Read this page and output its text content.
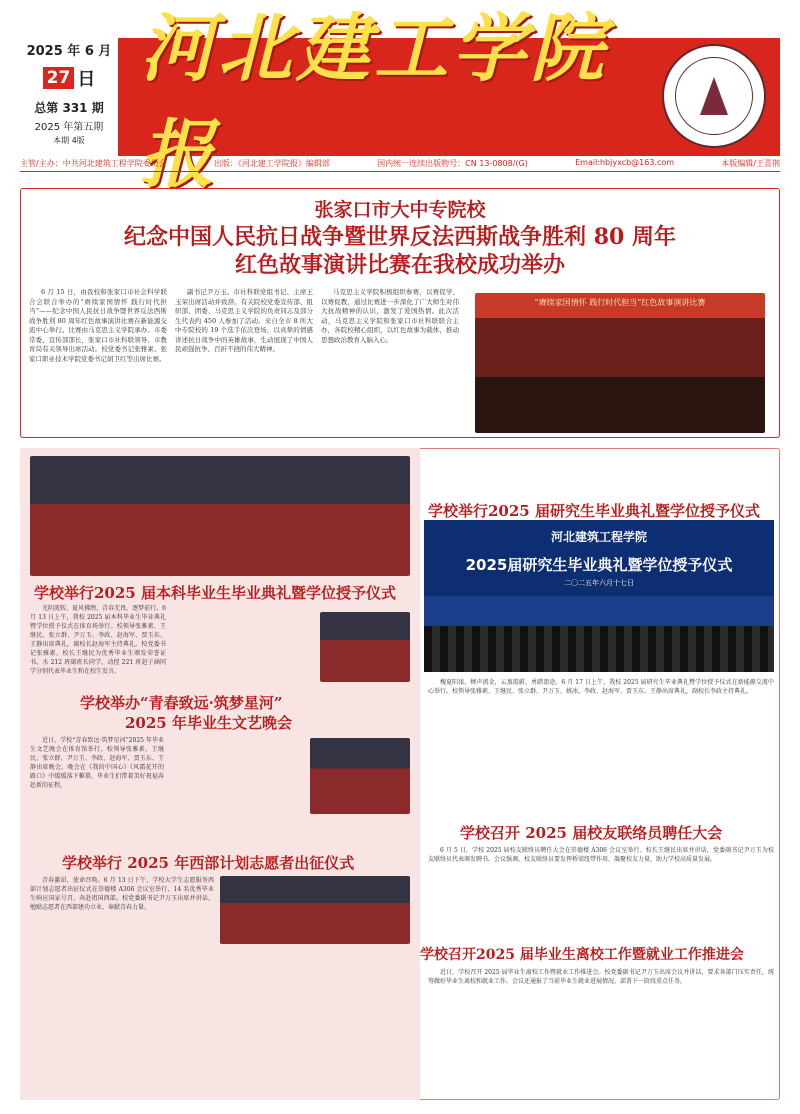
2025 年 6 月
27 日
总第 331 期
2025 年第五期
本期 4版
河北建工学院报
主管/主办：中共河北建筑工程学院委员会	出版：《河北建工学院报》编辑部	国内统一连续出版物号：CN 13-0808/(G)	Email:hbjyxcb@163.com	本版编辑/王喜荆
张家口市大中专院校
纪念中国人民抗日战争暨世界反法西斯战争胜利 80 周年
红色故事演讲比赛在我校成功举办
6 月 15 日，由我校和张家口市社会科学联合会联合举办的“赓续家国情怀 践行时代担当”——纪念中国人民抗日战争暨世界反法西斯战争胜利 80 周年红色故事演讲比赛在新能源交流中心举行。比赛由马克思主义学院承办。市委常委、宣传部部长，张家口市社科联领导、市教育局有关领导出席活动。校党委书记张雅素、张家口职业技术学院党委书记胡卫红等出席比赛。
副书记尹万玉、市社科联党组书记、主席王玉荣出席活动并致辞。有关院校党委宣传部、组织部、团委、马克思主义学院的负责同志及部分生代表约 450 人参加了活动。来自全市 8 所大中专院校的 19 个选手依次登场，以真挚的情感讲述抗日战争中的英雄故事，生动展现了中国人民顽强抗争、百折不挠的伟大精神。
马克思主义学院积极组织参赛，以赛促学、以赛促教，通过比赛进一步深化了广大师生对伟大抗战精神的认识，激发了爱国热情。此次活动，马克思主义学院和张家口市社科联联合主办，各院校精心组织，以红色故事为载体，推动思想政治教育入脑入心。
“赓续家国情怀 践行时代担当”红色故事演讲比赛
学校举行2025 届本科毕业生毕业典礼暨学位授予仪式
光阴流转，夏风拂煦，青春无畏，逐梦前行。6 月 13 日上午，我校 2025 届本科毕业生毕业典礼暨学位授予仪式在体育场举行。校领导张雅素、王继民、张立群、尹万玉、李政、赵海军、贾玉东、王静出席典礼，副校长赵海军主持典礼。校党委书记张雅素、校长王继民为优秀毕业生颁发荣誉证书。水 212 班副班长同学、动控 221 班赵子涵同学分别代表毕业生和在校生发言。
学校举办“青春致远·筑梦星河”
2025 年毕业生文艺晚会
近日，学校“青春致远·筑梦星河”2025 年毕业生文艺晚会在体育馆举行。校领导张雅素、王继民、张立群、尹万玉、李政、赵海军、贾玉东、王静出席晚会。晚会在《我的中国心》《风霜花开的路口》中缓缓落下帷幕，毕业生们带着美好祝福奔赴新的征程。
学校举行 2025 年西部计划志愿者出征仪式
青春激昂，使命召唤。6 月 13 日下午，学校大学生志愿服务西部计划志愿者出征仪式在崇德楼 A306 会议室举行，14 名优秀毕业生响应国家号召，奔赴祖国西部。校党委副书记尹万玉出席并讲话，勉励志愿者在西部建功立业，奉献青春力量。
学校举行2025 届研究生毕业典礼暨学位授予仪式
河北建筑工程学院
2025届研究生毕业典礼暨学位授予仪式
二〇二五年六月十七日
槐夏阳浓，蝉声流金，云蒸霞蔚，勇踏盈途。6 月 17 日上午，我校 2025 届研究生毕业典礼暨学位授予仪式在新能源交流中心举行。校领导张雅素、王继民、张立群、尹万玉、姚冰、李政、赵海军、贾玉东、王静出席典礼，副校长李政主持典礼。
学校召开 2025 届校友联络员聘任大会
6 月 5 日，学校 2025 届校友联络员聘任大会在崇德楼 A306 会议室举行。校长王继民出席并讲话，党委副书记尹万玉为校友联络员代表颁发聘书。会议强调，校友联络员要发挥桥梁纽带作用，凝聚校友力量，助力学校高质量发展。
学校召开2025 届毕业生离校工作暨就业工作推进会
近日，学校召开 2025 届毕业生离校工作暨就业工作推进会。校党委副书记尹万玉出席会议并讲话，要求各部门压实责任，统筹做好毕业生离校和就业工作。会议还通报了当前毕业生就业进展情况，部署下一阶段重点任务。
